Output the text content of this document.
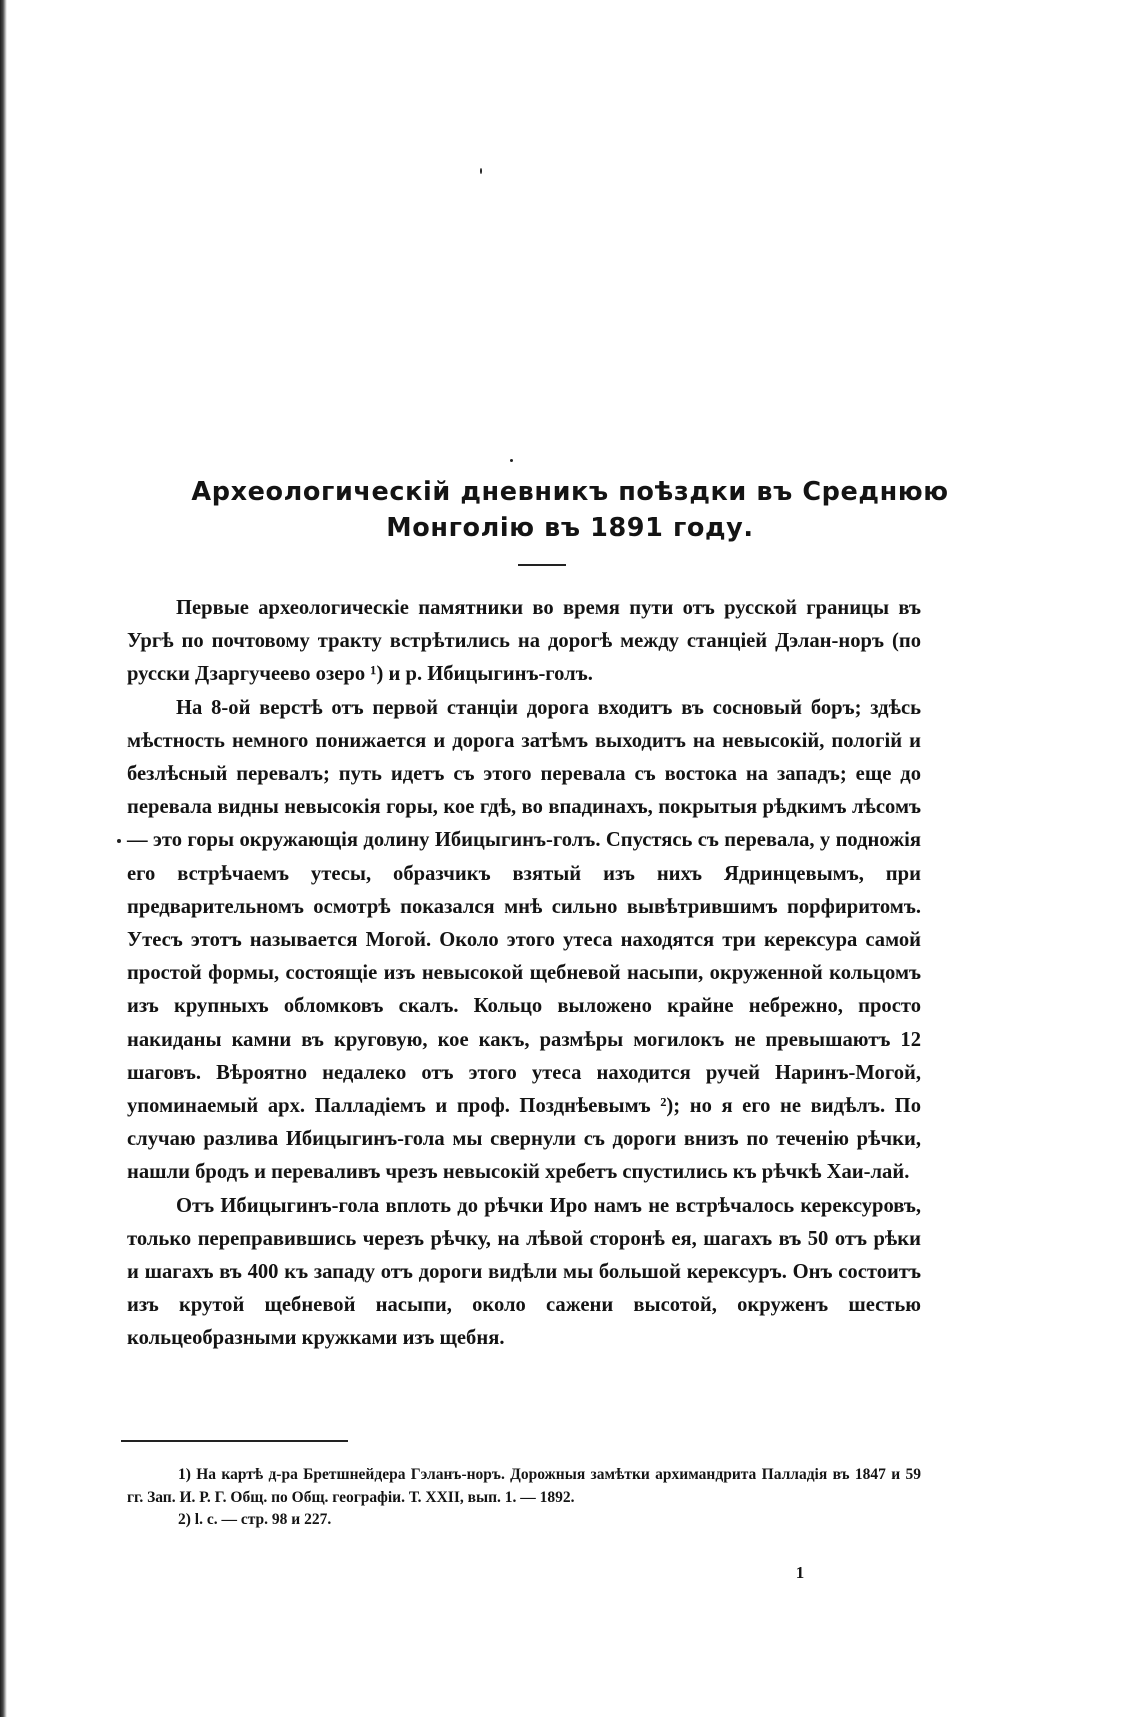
Археологическій дневникъ поѣздки въ Среднюю
Монголію въ 1891 году.

Первые археологическіе памятники во время пути отъ русской границы въ Ургѣ по почтовому тракту встрѣтились на дорогѣ между станціей Дэлан-норъ (по русски Дзаргучеево озеро ¹) и р. Ибицыгинъ-голъ.

На 8-ой верстѣ отъ первой станціи дорога входитъ въ сосновый боръ; здѣсь мѣстность немного понижается и дорога затѣмъ выходитъ на невысокій, пологій и безлѣсный перевалъ; путь идетъ съ этого перевала съ востока на западъ; еще до перевала видны невысокія горы, кое гдѣ, во впадинахъ, покрытыя рѣдкимъ лѣсомъ — это горы окружающія долину Ибицыгинъ-голъ. Спустясь съ перевала, у подножія его встрѣчаемъ утесы, образчикъ взятый изъ нихъ Ядринцевымъ, при предварительномъ осмотрѣ показался мнѣ сильно вывѣтрившимъ порфиритомъ. Утесъ этотъ называется Могой. Около этого утеса находятся три керексура самой простой формы, состоящіе изъ невысокой щебневой насыпи, окруженной кольцомъ изъ крупныхъ обломковъ скалъ. Кольцо выложено крайне небрежно, просто накиданы камни въ круговую, кое какъ, размѣры могилокъ не превышаютъ 12 шаговъ. Вѣроятно недалеко отъ этого утеса находится ручей Наринъ-Могой, упоминаемый арх. Палладіемъ и проф. Позднѣевымъ ²); но я его не видѣлъ. По случаю разлива Ибицыгинъ-гола мы свернули съ дороги внизъ по теченію рѣчки, нашли бродъ и переваливъ чрезъ невысокій хребетъ спустились къ рѣчкѣ Хаи-лай.

Отъ Ибицыгинъ-гола вплоть до рѣчки Иро намъ не встрѣчалось керексуровъ, только переправившись черезъ рѣчку, на лѣвой сторонѣ ея, шагахъ въ 50 отъ рѣки и шагахъ въ 400 къ западу отъ дороги видѣли мы большой керексуръ. Онъ состоитъ изъ крутой щебневой насыпи, около сажени высотой, окруженъ шестью кольцеобразными кружками изъ щебня.

1) На картѣ д-ра Бретшнейдера Гэланъ-норъ. Дорожныя замѣтки архимандрита Палладія въ 1847 и 59 гг. Зап. И. Р. Г. Общ. по Общ. географіи. Т. XXII, вып. 1. — 1892.

2) l. c. — стр. 98 и 227.

1
